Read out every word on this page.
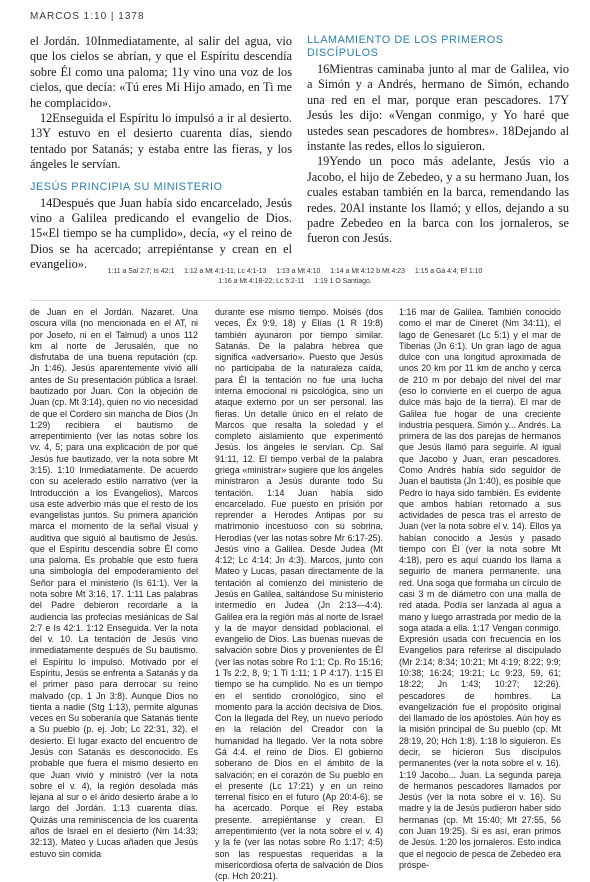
MARCOS 1:10 | 1378

el Jordán. 10Inmediatamente, al salir del agua, vio que los cielos se abrían, y que el Espíritu descendía sobre Él como una paloma; 11y vino una voz de los cielos, que decía: «Tú eres Mi Hijo amado, en Ti me he complacido».

12Enseguida el Espíritu lo impulsó a ir al desierto. 13Y estuvo en el desierto cuarenta días, siendo tentado por Satanás; y estaba entre las fieras, y los ángeles le servían.

JESÚS PRINCIPIA SU MINISTERIO

14Después que Juan había sido encarcelado, Jesús vino a Galilea predicando el evangelio de Dios. 15«El tiempo se ha cumplido», decía, «y el reino de Dios se ha acercado; arrepiéntanse y crean en el evangelio».

LLAMAMIENTO DE LOS PRIMEROS DISCÍPULOS

16Mientras caminaba junto al mar de Galilea, vio a Simón y a Andrés, hermano de Simón, echando una red en el mar, porque eran pescadores. 17Y Jesús les dijo: «Vengan conmigo, y Yo haré que ustedes sean pescadores de hombres». 18Dejando al instante las redes, ellos lo siguieron.

19Yendo un poco más adelante, Jesús vio a Jacobo, el hijo de Zebedeo, y a su hermano Juan, los cuales estaban también en la barca, remendando las redes. 20Al instante los llamó; y ellos, dejando a su padre Zebedeo en la barca con los jornaleros, se fueron con Jesús.

1:11 a Sal 2:7; Is 42:1 1:12 a Mt 4:1-11; Lc 4:1-13 1:13 a Mt 4:10 1:14 a Mt 4:12 b Mt 4:23 1:15 a Gá 4:4; Ef 1:10
1:16 a Mt 4:18-22; Lc 5:2-11 1:19 1 O Santiago.

de Juan en el Jordán. Nazaret. Una oscura villa (no mencionada en el AT, ni por Josefo, ni en el Talmud) a unos 112 km al norte de Jerusalén, que no disfrutaba de una buena reputación (cp. Jn 1:46). Jesús aparentemente vivió allí antes de Su presentación pública a Israel. bautizado por Juan. Con la objeción de Juan (cp. Mt 3:14), quien no vio necesidad de que el Cordero sin mancha de Dios (Jn 1:29) recibiera el bautismo de arrepentimiento (ver las notas sobre los vv. 4, 5; para una explicación de por qué Jesús fue bautizado, ver la nota sobre Mt 3:15). 1:10 Inmediatamente. De acuerdo con su acelerado estilo narrativo (ver la Introducción a los Evangelios), Marcos usa este adverbio más que el resto de los evangelistas juntos. Su primera aparición marca el momento de la señal visual y auditiva que siguió al bautismo de Jesús. que el Espíritu descendía sobre Él como una paloma. Es probable que esto fuera una simbología del empoderamiento del Señor para el ministerio (Is 61:1). Ver la nota sobre Mt 3:16, 17. 1:11 Las palabras del Padre debieron recordarle a la audiencia las profecías mesiánicas de Sal 2:7 e Is 42:1. 1:12 Enseguida. Ver la nota del v. 10. La tentación de Jesús vino inmediatamente después de Su bautismo. el Espíritu lo impulsó. Motivado por el Espíritu, Jesús se enfrenta a Satanás y da el primer paso para derrocar su reino malvado (cp. 1 Jn 3:8). Aunque Dios no tienta a nadie (Stg 1:13), permite algunas veces en Su soberanía que Satanás tiente a Su pueblo (p. ej. Job; Lc 22:31, 32). el desierto. El lugar exacto del encuentro de Jesús con Satanás es desconocido. Es probable que fuera el mismo desierto en que Juan vivió y ministró (ver la nota sobre el v. 4), la región desolada más lejana al sur o el árido desierto árabe a lo largo del Jordán. 1:13 cuarenta días. Quizás una reminiscencia de los cuarenta años de Israel en el desierto (Nm 14:33; 32:13). Mateo y Lucas añaden que Jesús estuvo sin comida

durante ese mismo tiempo. Moisés (dos veces, Éx 9:9, 18) y Elías (1 R 19:8) también ayunaron por tiempo similar. Satanás. De la palabra hebrea que significa «adversario». Puesto que Jesús no participaba de la naturaleza caída, para Él la tentación no fue una lucha interna emocional ni psicológica, sino un ataque externo por un ser personal. las fieras. Un detalle único en el relato de Marcos que resalta la soledad y el completo aislamiento que experimentó Jesús. los ángeles le servían. Cp. Sal 91:11, 12. El tiempo verbal de la palabra griega «ministrar» sugiere que los ángeles ministraron a Jesús durante todo Su tentación. 1:14 Juan había sido encarcelado. Fue puesto en prisión por reprender a Herodes Antipas por su matrimonio incestuoso con su sobrina, Herodías (ver las notas sobre Mr 6:17-25). Jesús vino a Galilea. Desde Judea (Mt 4:12; Lc 4:14; Jn 4:3). Marcos, junto con Mateo y Lucas, pasan directamente de la tentación al comienzo del ministerio de Jesús en Galilea, saltándose Su ministerio intermedio en Judea (Jn 2:13—4:4). Galilea era la región más al norte de Israel y la de mayor densidad poblacional. el evangelio de Dios. Las buenas nuevas de salvación sobre Dios y provenientes de Él (ver las notas sobre Ro 1:1; Cp. Ro 15:16; 1 Ts 2:2, 8, 9; 1 Ti 1:11; 1 P 4:17). 1:15 El tiempo se ha cumplido. No es un tiempo en el sentido cronológico, sino el momento para la acción decisiva de Dios. Con la llegada del Rey, un nuevo período en la relación del Creador con la humanidad ha llegado. Ver la nota sobre Gá 4:4. el reino de Dios. El gobierno soberano de Dios en el ámbito de la salvación; en el corazón de Su pueblo en el presente (Lc 17:21) y en un reino terrenal físico en el futuro (Ap 20:4-6). se ha acercado. Porque el Rey estaba presente. arrepiéntanse y crean. El arrepentimiento (ver la nota sobre el v. 4) y la fe (ver las notas sobre Ro 1:17; 4:5) son las respuestas requeridas a la misericordiosa oferta de salvación de Dios (cp. Hch 20:21).

1:16 mar de Galilea. También conocido como el mar de Cineret (Nm 34:11), el lago de Genesaret (Lc 5:1) y el mar de Tiberias (Jn 6:1). Un gran lago de agua dulce con una longitud aproximada de unos 20 km por 11 km de ancho y cerca de 210 m por debajo del nivel del mar (eso lo convierte en el cuerpo de agua dulce más bajo de la tierra). El mar de Galilea fue hogar de una creciente industria pesquera. Simón y... Andrés. La primera de las dos parejas de hermanos que Jesús llamó para seguirle. Al igual que Jacobo y Juan, eran pescadores. Como Andrés había sido seguidor de Juan el bautista (Jn 1:40), es posible que Pedro lo haya sido también. Es evidente que ambos habían retornado a sus actividades de pesca tras el arresto de Juan (ver la nota sobre el v. 14). Ellos ya habían conocido a Jesús y pasado tiempo con Él (ver la nota sobre Mt 4:18), pero es aquí cuando los llama a seguirlo de manera permanente. una red. Una soga que formaba un círculo de casi 3 m de diámetro con una malla de red atada. Podía ser lanzada al agua a mano y luego arrastrada por medio de la soga atada a ella. 1:17 Vengan conmigo. Expresión usada con frecuencia en los Evangelios para referirse al discipulado (Mr 2:14; 8:34; 10:21; Mt 4:19; 8:22; 9:9; 10:38; 16:24; 19:21; Lc 9:23, 59, 61; 18:22; Jn 1:43; 10:27; 12:26). pescadores de hombres. La evangelización fue el propósito original del llamado de los apóstoles. Aún hoy es la misión principal de Su pueblo (cp. Mt 28:19, 20; Hch 1:8). 1:18 lo siguieron. Es decir, se hicieron Sus discípulos permanentes (ver la nota sobre el v. 16). 1:19 Jacobo... Juan. La segunda pareja de hermanos pescadores llamados por Jesús (ver la nota sobre el v. 16). Su madre y la de Jesús pudieron haber sido hermanas (cp. Mt 15:40; Mt 27:55, 56 con Juan 19:25). Si es así, eran primos de Jesús. 1:20 los jornaleros. Esto indica que el negocio de pesca de Zebedeo era próspe-
